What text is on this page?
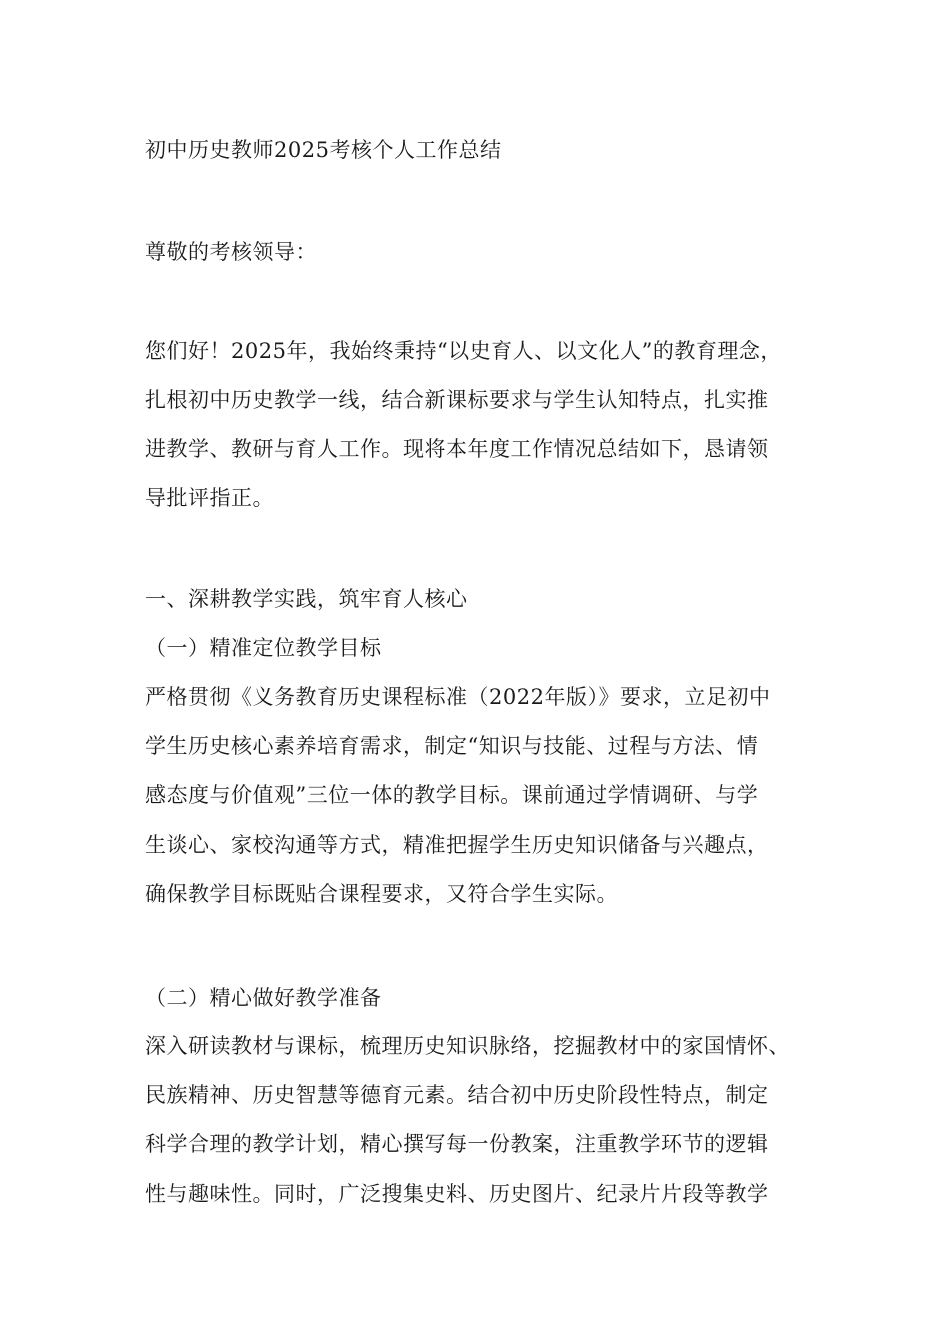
初中历史教师2025考核个人工作总结
尊敬的考核领导：
您们好！2025年，我始终秉持“以史育人、以文化人”的教育理念，
扎根初中历史教学一线，结合新课标要求与学生认知特点，扎实推
进教学、教研与育人工作。现将本年度工作情况总结如下，恳请领
导批评指正。
一、深耕教学实践，筑牢育人核心
（一）精准定位教学目标
严格贯彻《义务教育历史课程标准（2022年版）》要求，立足初中
学生历史核心素养培育需求，制定“知识与技能、过程与方法、情
感态度与价值观”三位一体的教学目标。课前通过学情调研、与学
生谈心、家校沟通等方式，精准把握学生历史知识储备与兴趣点，
确保教学目标既贴合课程要求，又符合学生实际。
（二）精心做好教学准备
深入研读教材与课标，梳理历史知识脉络，挖掘教材中的家国情怀、
民族精神、历史智慧等德育元素。结合初中历史阶段性特点，制定
科学合理的教学计划，精心撰写每一份教案，注重教学环节的逻辑
性与趣味性。同时，广泛搜集史料、历史图片、纪录片片段等教学
